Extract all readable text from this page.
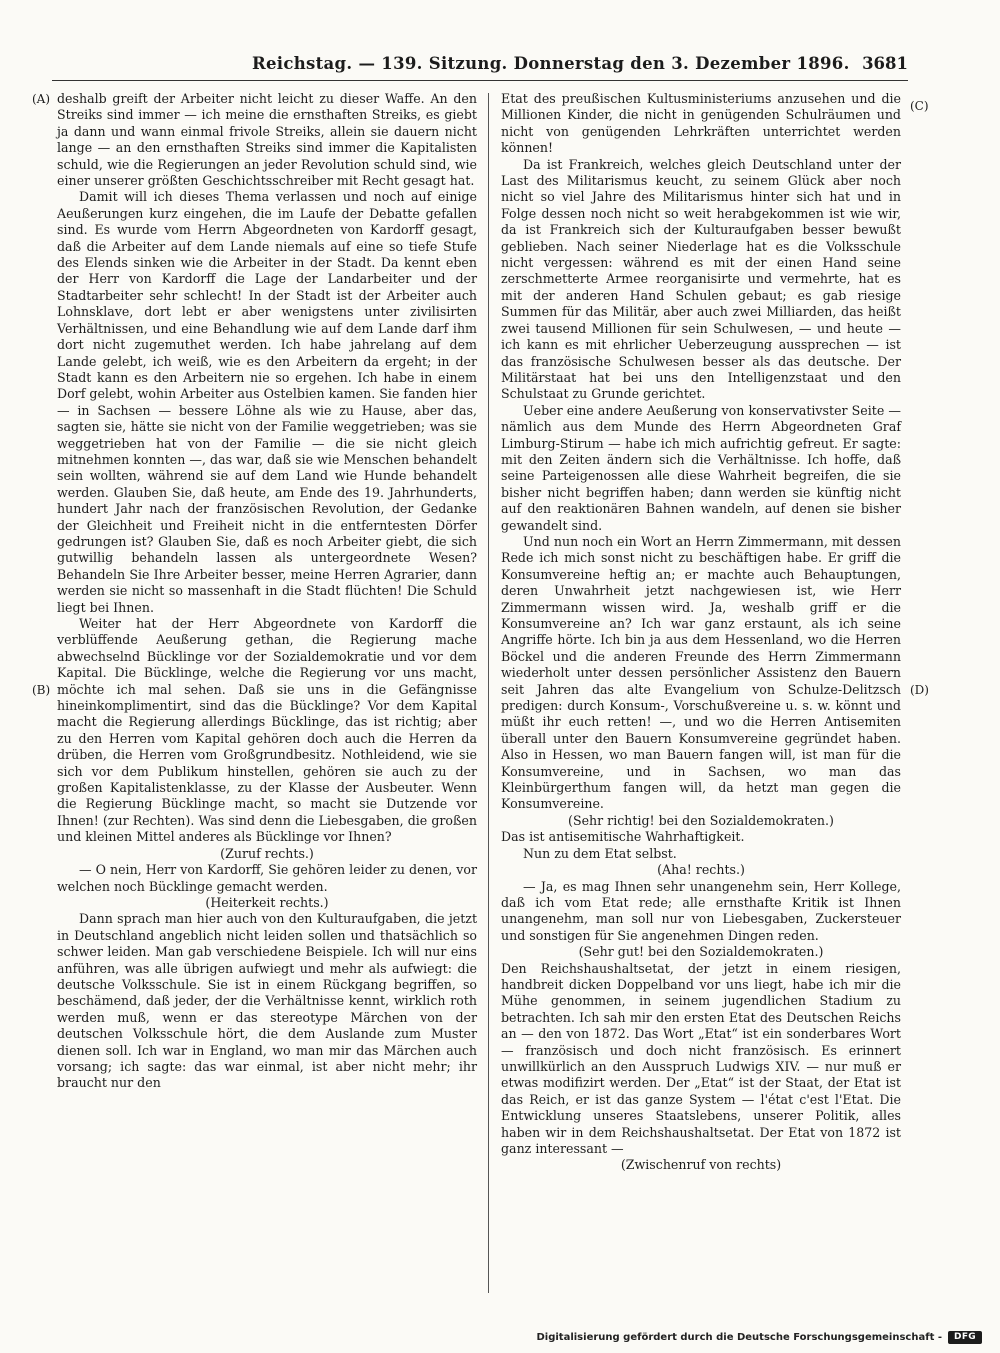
Reichstag. — 139. Sitzung. Donnerstag den 3. Dezember 1896. 3681
(A)
(B)
(C)
(D)

deshalb greift der Arbeiter nicht leicht zu dieser Waffe. An den Streiks sind immer — ich meine die ernsthaften Streiks, es giebt ja dann und wann einmal frivole Streiks, allein sie dauern nicht lange — an den ernsthaften Streiks sind immer die Kapitalisten schuld, wie die Regierungen an jeder Revolution schuld sind, wie einer unserer größten Geschichtsschreiber mit Recht gesagt hat.

Damit will ich dieses Thema verlassen und noch auf einige Aeußerungen kurz eingehen, die im Laufe der Debatte gefallen sind. Es wurde vom Herrn Abgeordneten von Kardorff gesagt, daß die Arbeiter auf dem Lande niemals auf eine so tiefe Stufe des Elends sinken wie die Arbeiter in der Stadt. Da kennt eben der Herr von Kardorff die Lage der Landarbeiter und der Stadtarbeiter sehr schlecht! In der Stadt ist der Arbeiter auch Lohnsklave, dort lebt er aber wenigstens unter zivilisirten Verhältnissen, und eine Behandlung wie auf dem Lande darf ihm dort nicht zugemuthet werden. Ich habe jahrelang auf dem Lande gelebt, ich weiß, wie es den Arbeitern da ergeht; in der Stadt kann es den Arbeitern nie so ergehen. Ich habe in einem Dorf gelebt, wohin Arbeiter aus Ostelbien kamen. Sie fanden hier — in Sachsen — bessere Löhne als wie zu Hause, aber das, sagten sie, hätte sie nicht von der Familie weggetrieben; was sie weggetrieben hat von der Familie — die sie nicht gleich mitnehmen konnten —, das war, daß sie wie Menschen behandelt sein wollten, während sie auf dem Land wie Hunde behandelt werden. Glauben Sie, daß heute, am Ende des 19. Jahrhunderts, hundert Jahr nach der französischen Revolution, der Gedanke der Gleichheit und Freiheit nicht in die entferntesten Dörfer gedrungen ist? Glauben Sie, daß es noch Arbeiter giebt, die sich gutwillig behandeln lassen als untergeordnete Wesen? Behandeln Sie Ihre Arbeiter besser, meine Herren Agrarier, dann werden sie nicht so massenhaft in die Stadt flüchten! Die Schuld liegt bei Ihnen.

Weiter hat der Herr Abgeordnete von Kardorff die verblüffende Aeußerung gethan, die Regierung mache abwechselnd Bücklinge vor der Sozialdemokratie und vor dem Kapital. Die Bücklinge, welche die Regierung vor uns macht, möchte ich mal sehen. Daß sie uns in die Gefängnisse hineinkomplimentirt, sind das die Bücklinge? Vor dem Kapital macht die Regierung allerdings Bücklinge, das ist richtig; aber zu den Herren vom Kapital gehören doch auch die Herren da drüben, die Herren vom Großgrundbesitz. Nothleidend, wie sie sich vor dem Publikum hinstellen, gehören sie auch zu der großen Kapitalistenklasse, zu der Klasse der Ausbeuter. Wenn die Regierung Bücklinge macht, so macht sie Dutzende vor Ihnen! (zur Rechten). Was sind denn die Liebesgaben, die großen und kleinen Mittel anderes als Bücklinge vor Ihnen?

(Zuruf rechts.)

— O nein, Herr von Kardorff, Sie gehören leider zu denen, vor welchen noch Bücklinge gemacht werden.

(Heiterkeit rechts.)

Dann sprach man hier auch von den Kulturaufgaben, die jetzt in Deutschland angeblich nicht leiden sollen und thatsächlich so schwer leiden. Man gab verschiedene Beispiele. Ich will nur eins anführen, was alle übrigen aufwiegt und mehr als aufwiegt: die deutsche Volksschule. Sie ist in einem Rückgang begriffen, so beschämend, daß jeder, der die Verhältnisse kennt, wirklich roth werden muß, wenn er das stereotype Märchen von der deutschen Volksschule hört, die dem Auslande zum Muster dienen soll. Ich war in England, wo man mir das Märchen auch vorsang; ich sagte: das war einmal, ist aber nicht mehr; ihr braucht nur den

Etat des preußischen Kultusministeriums anzusehen und die Millionen Kinder, die nicht in genügenden Schulräumen und nicht von genügenden Lehrkräften unterrichtet werden können!

Da ist Frankreich, welches gleich Deutschland unter der Last des Militarismus keucht, zu seinem Glück aber noch nicht so viel Jahre des Militarismus hinter sich hat und in Folge dessen noch nicht so weit herabgekommen ist wie wir, da ist Frankreich sich der Kulturaufgaben besser bewußt geblieben. Nach seiner Niederlage hat es die Volksschule nicht vergessen: während es mit der einen Hand seine zerschmetterte Armee reorganisirte und vermehrte, hat es mit der anderen Hand Schulen gebaut; es gab riesige Summen für das Militär, aber auch zwei Milliarden, das heißt zwei tausend Millionen für sein Schulwesen, — und heute — ich kann es mit ehrlicher Ueberzeugung aussprechen — ist das französische Schulwesen besser als das deutsche. Der Militärstaat hat bei uns den Intelligenzstaat und den Schulstaat zu Grunde gerichtet.

Ueber eine andere Aeußerung von konservativster Seite — nämlich aus dem Munde des Herrn Abgeordneten Graf Limburg-Stirum — habe ich mich aufrichtig gefreut. Er sagte: mit den Zeiten ändern sich die Verhältnisse. Ich hoffe, daß seine Parteigenossen alle diese Wahrheit begreifen, die sie bisher nicht begriffen haben; dann werden sie künftig nicht auf den reaktionären Bahnen wandeln, auf denen sie bisher gewandelt sind.

Und nun noch ein Wort an Herrn Zimmermann, mit dessen Rede ich mich sonst nicht zu beschäftigen habe. Er griff die Konsumvereine heftig an; er machte auch Behauptungen, deren Unwahrheit jetzt nachgewiesen ist, wie Herr Zimmermann wissen wird. Ja, weshalb griff er die Konsumvereine an? Ich war ganz erstaunt, als ich seine Angriffe hörte. Ich bin ja aus dem Hessenland, wo die Herren Böckel und die anderen Freunde des Herrn Zimmermann wiederholt unter dessen persönlicher Assistenz den Bauern seit Jahren das alte Evangelium von Schulze-Delitzsch predigen: durch Konsum-, Vorschußvereine u. s. w. könnt und müßt ihr euch retten! —, und wo die Herren Antisemiten überall unter den Bauern Konsumvereine gegründet haben. Also in Hessen, wo man Bauern fangen will, ist man für die Konsumvereine, und in Sachsen, wo man das Kleinbürgerthum fangen will, da hetzt man gegen die Konsumvereine.

(Sehr richtig! bei den Sozialdemokraten.)

Das ist antisemitische Wahrhaftigkeit.

Nun zu dem Etat selbst.

(Aha! rechts.)

— Ja, es mag Ihnen sehr unangenehm sein, Herr Kollege, daß ich vom Etat rede; alle ernsthafte Kritik ist Ihnen unangenehm, man soll nur von Liebesgaben, Zuckersteuer und sonstigen für Sie angenehmen Dingen reden.

(Sehr gut! bei den Sozialdemokraten.)

Den Reichshaushaltsetat, der jetzt in einem riesigen, handbreit dicken Doppelband vor uns liegt, habe ich mir die Mühe genommen, in seinem jugendlichen Stadium zu betrachten. Ich sah mir den ersten Etat des Deutschen Reichs an — den von 1872. Das Wort „Etat“ ist ein sonderbares Wort — französisch und doch nicht französisch. Es erinnert unwillkürlich an den Ausspruch Ludwigs XIV. — nur muß er etwas modifizirt werden. Der „Etat“ ist der Staat, der Etat ist das Reich, er ist das ganze System — l'état c'est l'Etat. Die Entwicklung unseres Staatslebens, unserer Politik, alles haben wir in dem Reichshaushaltsetat. Der Etat von 1872 ist ganz interessant —

(Zwischenruf von rechts)

Digitalisierung gefördert durch die Deutsche Forschungsgemeinschaft -	DFG
